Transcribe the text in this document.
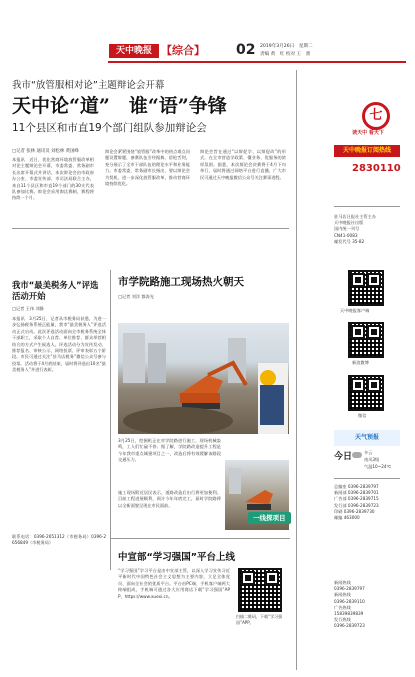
天中晚报 【综合】 02 2019年3月26日　星期二
责编 黄　红 校对 王　蕾
我市“放管服相对论”主题辩论会开幕
天中论“道”　谁“语”争锋
11个县区和市直19个部门组队参加辩论会
□记者 张林 通讯员 刘松林 黄国峰
本报讯　近日，优化营商环境放管服改革相对论主题辩论会开幕，市委常委、常务副市长出席开幕式并讲话。本次辩论会由市政府办公室、市委宣传部、市司法局联合主办，来自11个县区和市直19个部门的30支代表队参加比赛。辩论会采用淘汰赛制，赛程将持续一个月。
辩论会紧紧围绕“放管服”改革中的热点难点问题设置辩题，参赛队伍引经据典、唇枪舌剑，充分展示了全市干部队伍的理论水平和业务能力。市委常委、常务副市长指出，要以辩论会为契机，进一步深化放管服改革，推动营商环境持续优化。
辩论会旨在通过“以辩促学、以辩促改”的形式，在全市营造学政策、懂业务、优服务的浓厚氛围。据悉，本次辩论会决赛将于4月下旬举行，届时将通过网络平台进行直播，广大市民可通过天中晚报微信公众号关注赛事进程。
我市“最美税务人”评选活动开始
□记者 王伟 刘静
本报讯　3月25日，记者从市税务局获悉，为进一步弘扬税务系统正能量，我市“最美税务人”评选活动正式启动。此次评选活动面向全市税务系统全体干部职工，采取个人自荐、单位推荐、群众举荐相结合的方式产生候选人。评选活动分为宣传发动、推荐报名、审核公示、网络投票、评审表彰五个阶段。市民可通过关注“驻马店税务”微信公众号参与投票。活动将于4月底结束，届时将评选出10名“最美税务人”并进行表彰。
联系电话：0396-2651312（市税务局）0396-2656849（市税务局）
市学院路施工现场热火朝天
□记者 刘洋 都涛光
3月25日，挖掘机正在对学院路进行施工，现场机械轰鸣，工人们忙碌不停。据了解，学院路改造提升工程是今年我市重点城建项目之一，改造后将有效缓解该路段交通压力。
施工现场附近居民表示，道路改造后出行将更加便利。目前工程进展顺利，预计今年年底完工，届时学院路将以全新面貌呈现在市民面前。
一线探项目
中宣部“学习强国”平台上线
“学习强国”学习平台是由中宣部主管，以深入学习宣传习近平新时代中国特色社会主义思想为主要内容，立足全体党员、面向全社会的优质平台。平台由PC端、手机客户端两大终端组成，手机端可通过各大应用商店下载“学习强国”APP，https://www.xuexi.cn。
扫描二维码，下载“学习强国”APP。
七
读天中 看天下
天中晚报订阅热线
2830110
驻马店日报社主管主办
天中晚报社出版
国内统一刊号
CN41-0083
邮发代号 35-82
天中晚报客户端
新浪微博
微信
天气预报
今日	多云
南风3级
气温10~24℃
总编室 0396-2839797
新闻部 0396-2839701
广告部 0396-2839715
发行部 0396-2839723
印刷 0396-2839730
邮编 463000
新闻热线
0396-2839797
新闻热线
0396-2839110
广告热线
15839839839
发行热线
0396-2839723
